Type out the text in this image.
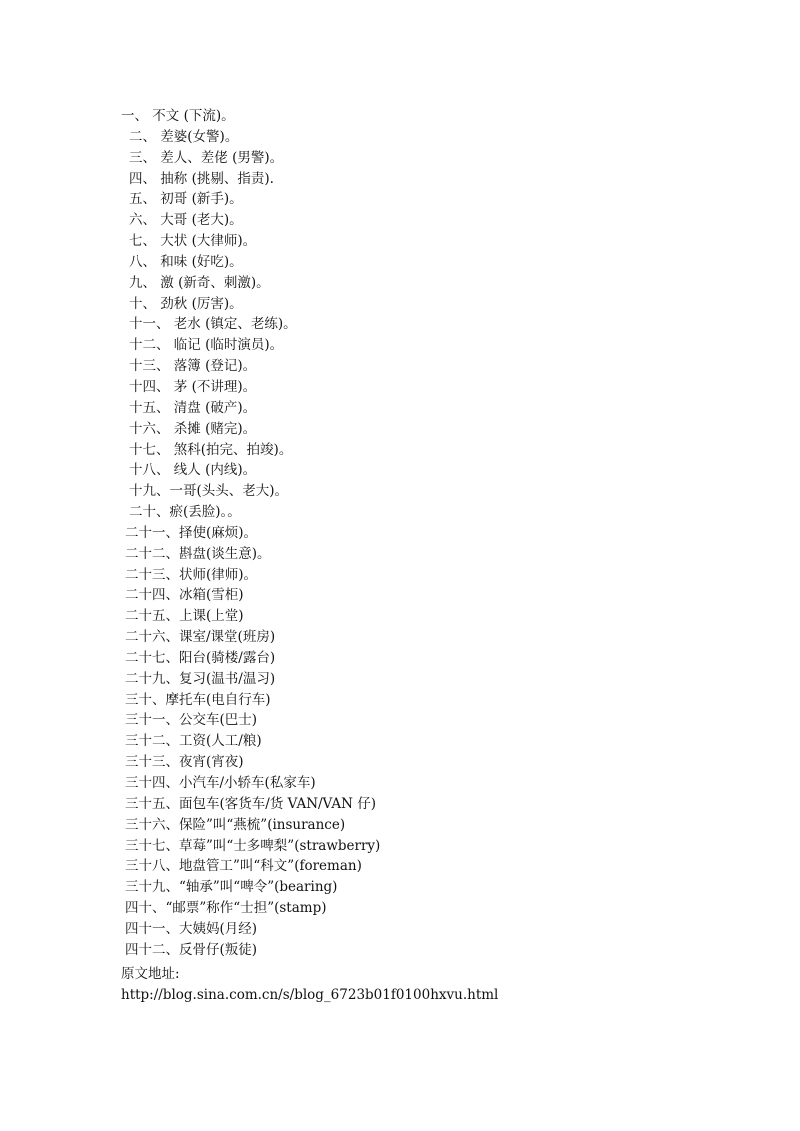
一、 不文 (下流)。
二、 差婆(女警)。
三、 差人、差佬 (男警)。
四、 抽称 (挑剔、指责).
五、 初哥 (新手)。
六、 大哥 (老大)。
七、 大状 (大律师)。
八、 和味 (好吃)。
九、 激 (新奇、刺激)。
十、 劲秋 (厉害)。
十一、 老水 (镇定、老练)。
十二、 临记 (临时演员)。
十三、 落簿 (登记)。
十四、 茅 (不讲理)。
十五、 清盘 (破产)。
十六、 杀摊 (赌完)。
十七、 煞科(拍完、拍竣)。
十八、 线人 (内线)。
十九、一哥(头头、老大)。
二十、瘀(丢脸)。。
二十一、择使(麻烦)。
二十二、斟盘(谈生意)。
二十三、状师(律师)。
二十四、冰箱(雪柜)
二十五、上课(上堂)
二十六、课室/课堂(班房)
二十七、阳台(骑楼/露台)
二十九、复习(温书/温习)
三十、摩托车(电自行车)
三十一、公交车(巴士)
三十二、工资(人工/粮)
三十三、夜宵(宵夜)
三十四、小汽车/小轿车(私家车)
三十五、面包车(客货车/货 VAN/VAN 仔)
三十六、保险”叫“燕梳”(insurance)
三十七、草莓”叫“士多啤梨”(strawberry)
三十八、地盘管工”叫“科文”(foreman)
三十九、“轴承”叫“啤令”(bearing)
四十、“邮票”称作“士担”(stamp)
四十一、大姨妈(月经)
四十二、反骨仔(叛徒)
原文地址:
http://blog.sina.com.cn/s/blog_6723b01f0100hxvu.html
